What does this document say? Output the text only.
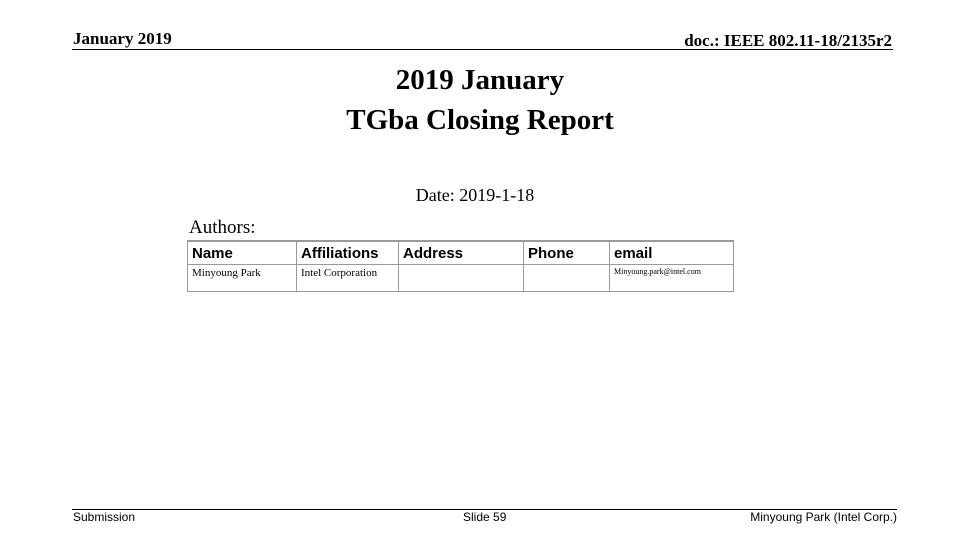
January 2019	doc.: IEEE 802.11-18/2135r2
2019 January
TGba Closing Report
Date: 2019-1-18
Authors:
Name	Affiliations	Address	Phone	email
Minyoung Park	Intel Corporation			Minyoung.park@intel.com
Submission	Slide 59	Minyoung Park (Intel Corp.)
